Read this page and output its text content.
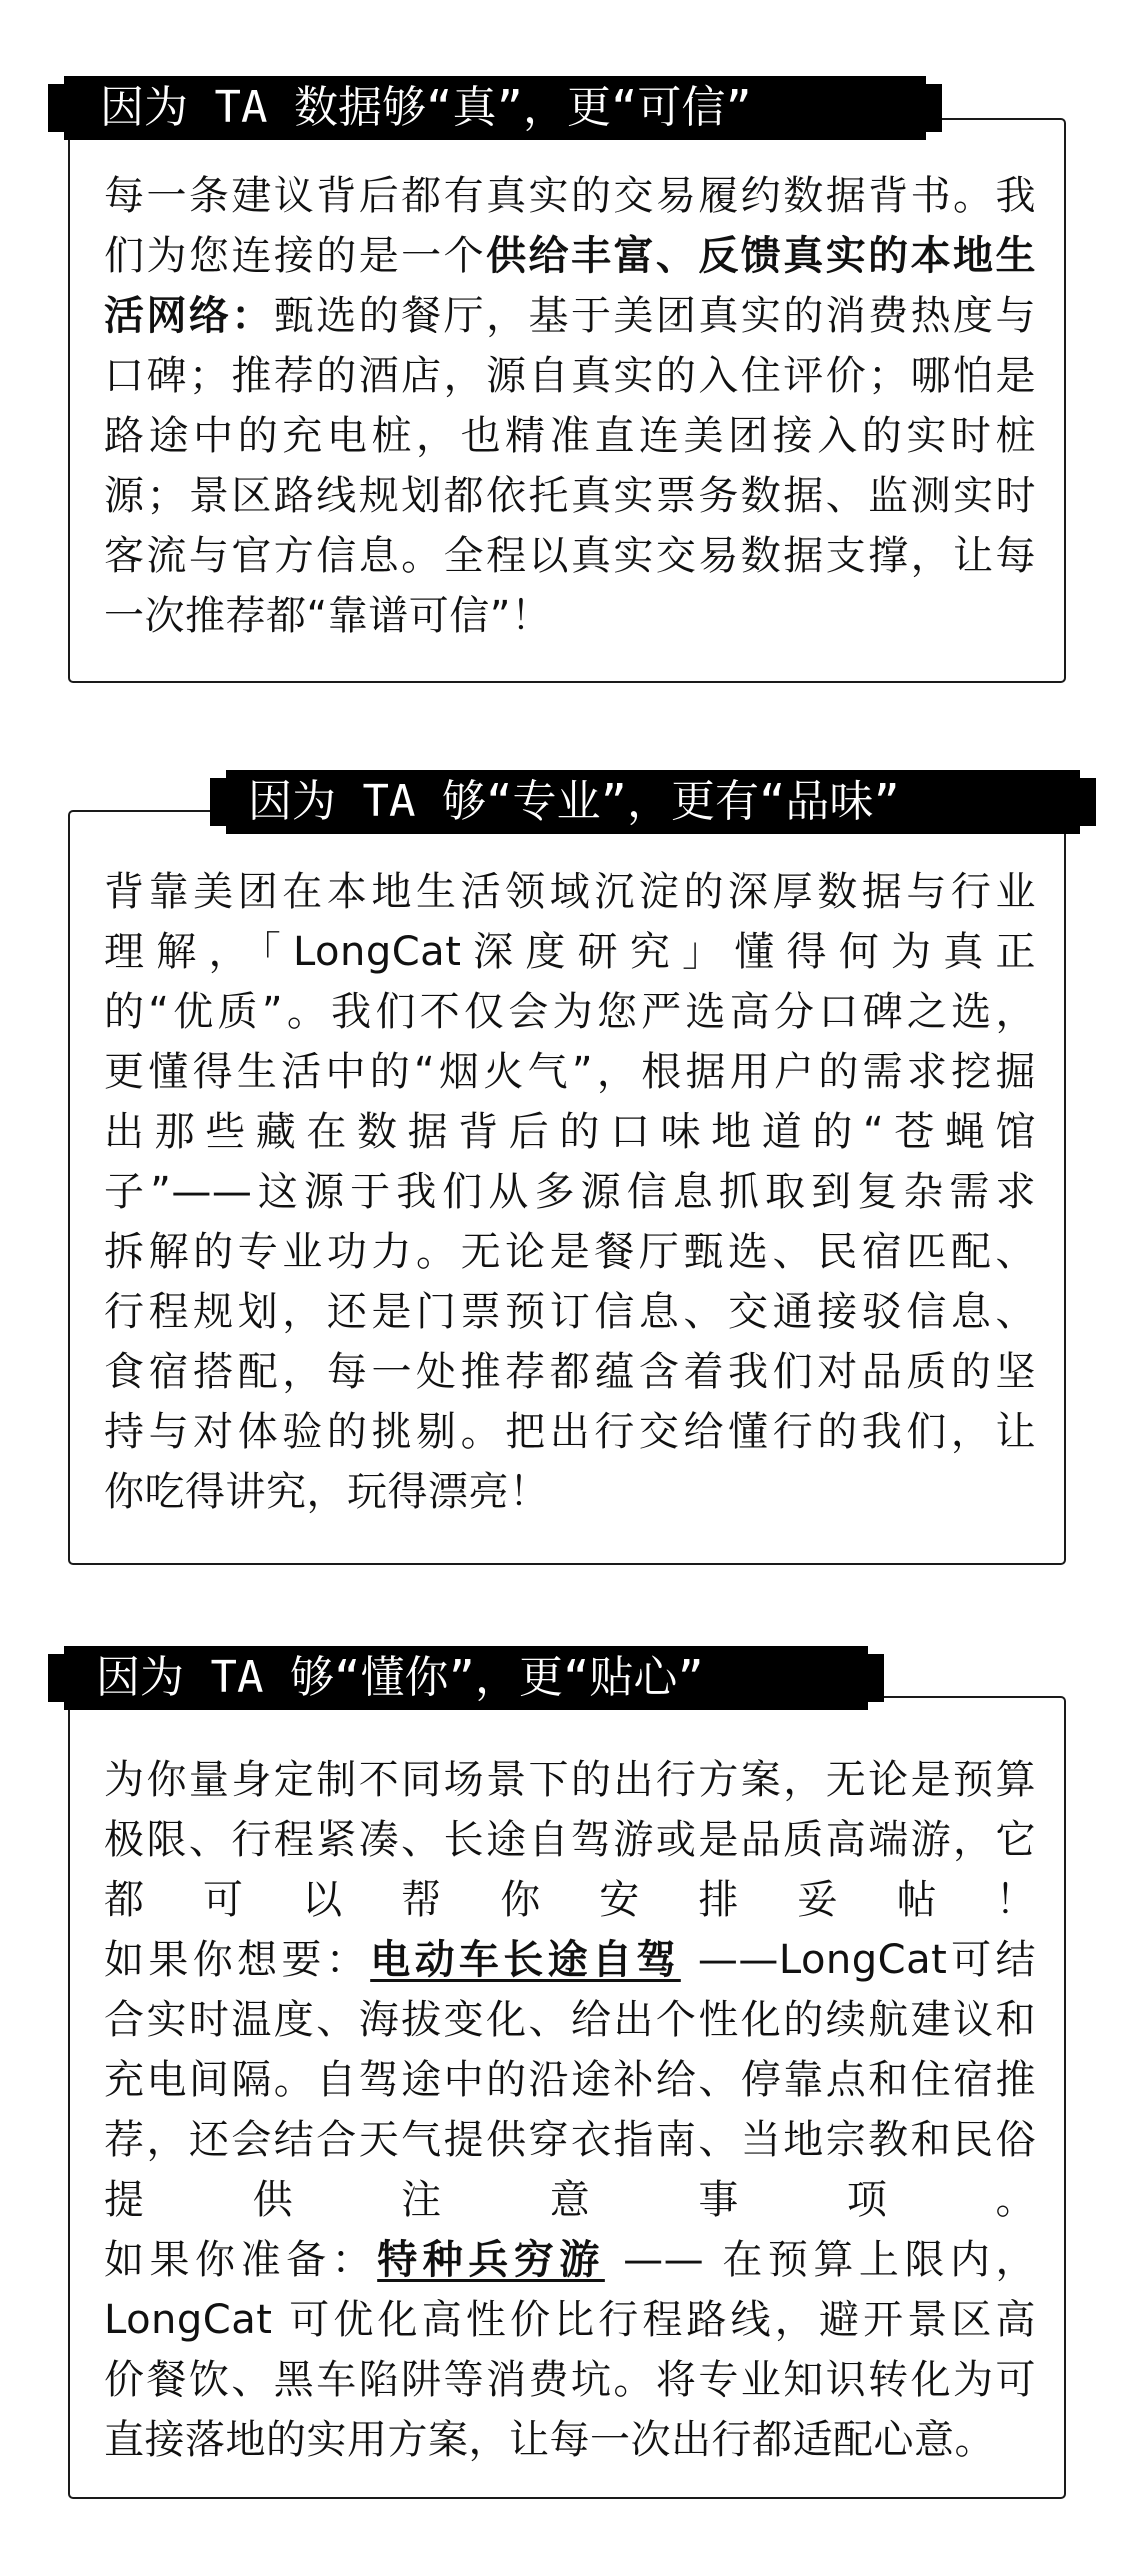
因为 TA 数据够“真”，更“可信”
每一条建议背后都有真实的交易履约数据背书。我
们为您连接的是一个供给丰富、反馈真实的本地生
活网络：甄选的餐厅，基于美团真实的消费热度与
口碑；推荐的酒店，源自真实的入住评价；哪怕是
路途中的充电桩，也精准直连美团接入的实时桩
源；景区路线规划都依托真实票务数据、监测实时
客流与官方信息。全程以真实交易数据支撑，让每
一次推荐都“靠谱可信”！
因为 TA 够“专业”，更有“品味”
背靠美团在本地生活领域沉淀的深厚数据与行业
理解，「LongCat深度研究」懂得何为真正
的“优质”。我们不仅会为您严选高分口碑之选，
更懂得生活中的“烟火气”，根据用户的需求挖掘
出那些藏在数据背后的口味地道的“苍蝇馆
子”——这源于我们从多源信息抓取到复杂需求
拆解的专业功力。无论是餐厅甄选、民宿匹配、
行程规划，还是门票预订信息、交通接驳信息、
食宿搭配，每一处推荐都蕴含着我们对品质的坚
持与对体验的挑剔。把出行交给懂行的我们，让
你吃得讲究，玩得漂亮！
因为 TA 够“懂你”，更“贴心”
为你量身定制不同场景下的出行方案，无论是预算
极限、行程紧凑、长途自驾游或是品质高端游，它
都可以帮你安排妥帖！
如果你想要：电动车长途自驾 ——LongCat可结
合实时温度、海拔变化、给出个性化的续航建议和
充电间隔。自驾途中的沿途补给、停靠点和住宿推
荐，还会结合天气提供穿衣指南、当地宗教和民俗
提供注意事项。
如果你准备：特种兵穷游 —— 在预算上限内，
LongCat 可优化高性价比行程路线，避开景区高
价餐饮、黑车陷阱等消费坑。将专业知识转化为可
直接落地的实用方案，让每一次出行都适配心意。
